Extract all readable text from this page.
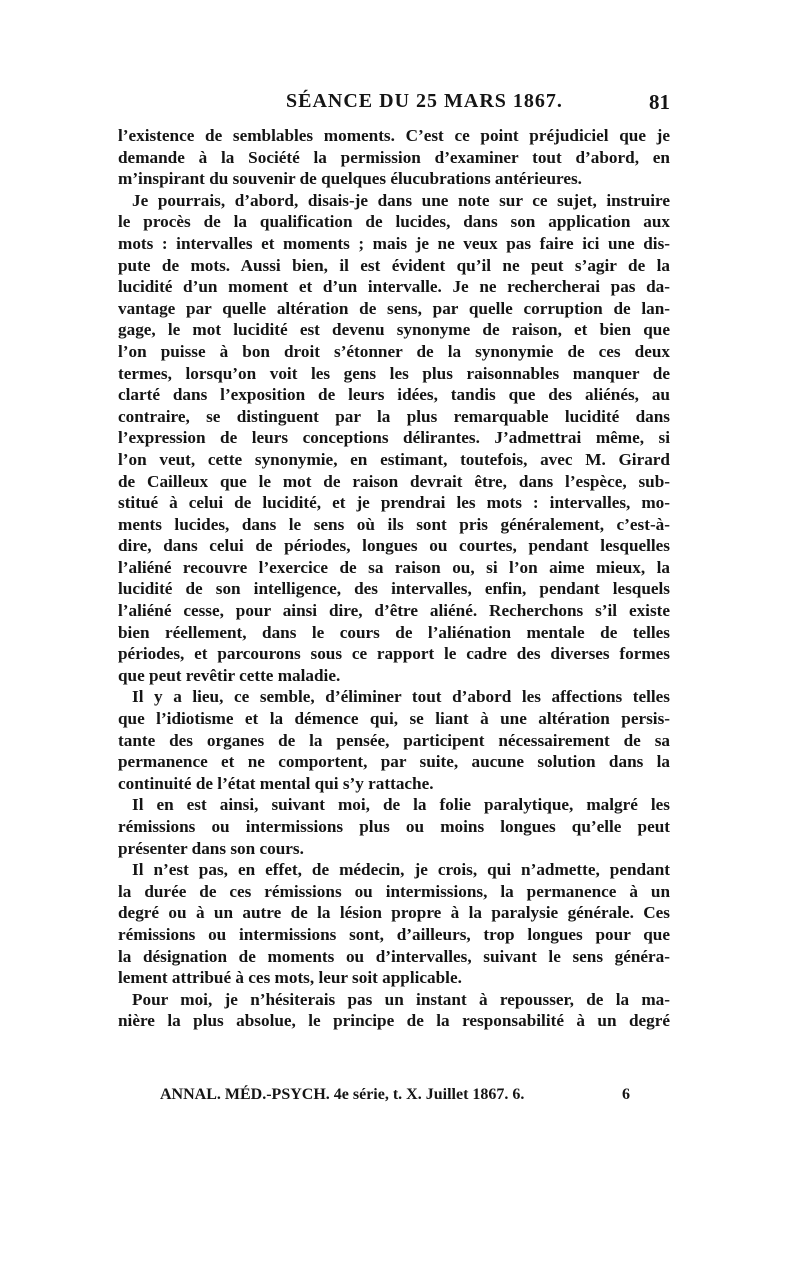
SÉANCE DU 25 MARS 1867.	81
l’existence de semblables moments. C’est ce point préjudiciel que je
demande à la Société la permission d’examiner tout d’abord, en
m’inspirant du souvenir de quelques élucubrations antérieures.
Je pourrais, d’abord, disais-je dans une note sur ce sujet, instruire
le procès de la qualification de lucides, dans son application aux
mots : intervalles et moments ; mais je ne veux pas faire ici une dis-
pute de mots. Aussi bien, il est évident qu’il ne peut s’agir de la
lucidité d’un moment et d’un intervalle. Je ne rechercherai pas da-
vantage par quelle altération de sens, par quelle corruption de lan-
gage, le mot lucidité est devenu synonyme de raison, et bien que
l’on puisse à bon droit s’étonner de la synonymie de ces deux
termes, lorsqu’on voit les gens les plus raisonnables manquer de
clarté dans l’exposition de leurs idées, tandis que des aliénés, au
contraire, se distinguent par la plus remarquable lucidité dans
l’expression de leurs conceptions délirantes. J’admettrai même, si
l’on veut, cette synonymie, en estimant, toutefois, avec M. Girard
de Cailleux que le mot de raison devrait être, dans l’espèce, sub-
stitué à celui de lucidité, et je prendrai les mots : intervalles, mo-
ments lucides, dans le sens où ils sont pris généralement, c’est-à-
dire, dans celui de périodes, longues ou courtes, pendant lesquelles
l’aliéné recouvre l’exercice de sa raison ou, si l’on aime mieux, la
lucidité de son intelligence, des intervalles, enfin, pendant lesquels
l’aliéné cesse, pour ainsi dire, d’être aliéné. Recherchons s’il existe
bien réellement, dans le cours de l’aliénation mentale de telles
périodes, et parcourons sous ce rapport le cadre des diverses formes
que peut revêtir cette maladie.
Il y a lieu, ce semble, d’éliminer tout d’abord les affections telles
que l’idiotisme et la démence qui, se liant à une altération persis-
tante des organes de la pensée, participent nécessairement de sa
permanence et ne comportent, par suite, aucune solution dans la
continuité de l’état mental qui s’y rattache.
Il en est ainsi, suivant moi, de la folie paralytique, malgré les
rémissions ou intermissions plus ou moins longues qu’elle peut
présenter dans son cours.
Il n’est pas, en effet, de médecin, je crois, qui n’admette, pendant
la durée de ces rémissions ou intermissions, la permanence à un
degré ou à un autre de la lésion propre à la paralysie générale. Ces
rémissions ou intermissions sont, d’ailleurs, trop longues pour que
la désignation de moments ou d’intervalles, suivant le sens généra-
lement attribué à ces mots, leur soit applicable.
Pour moi, je n’hésiterais pas un instant à repousser, de la ma-
nière la plus absolue, le principe de la responsabilité à un degré
ANNAL. MÉD.-PSYCH. 4e série, t. X. Juillet 1867. 6.	6
